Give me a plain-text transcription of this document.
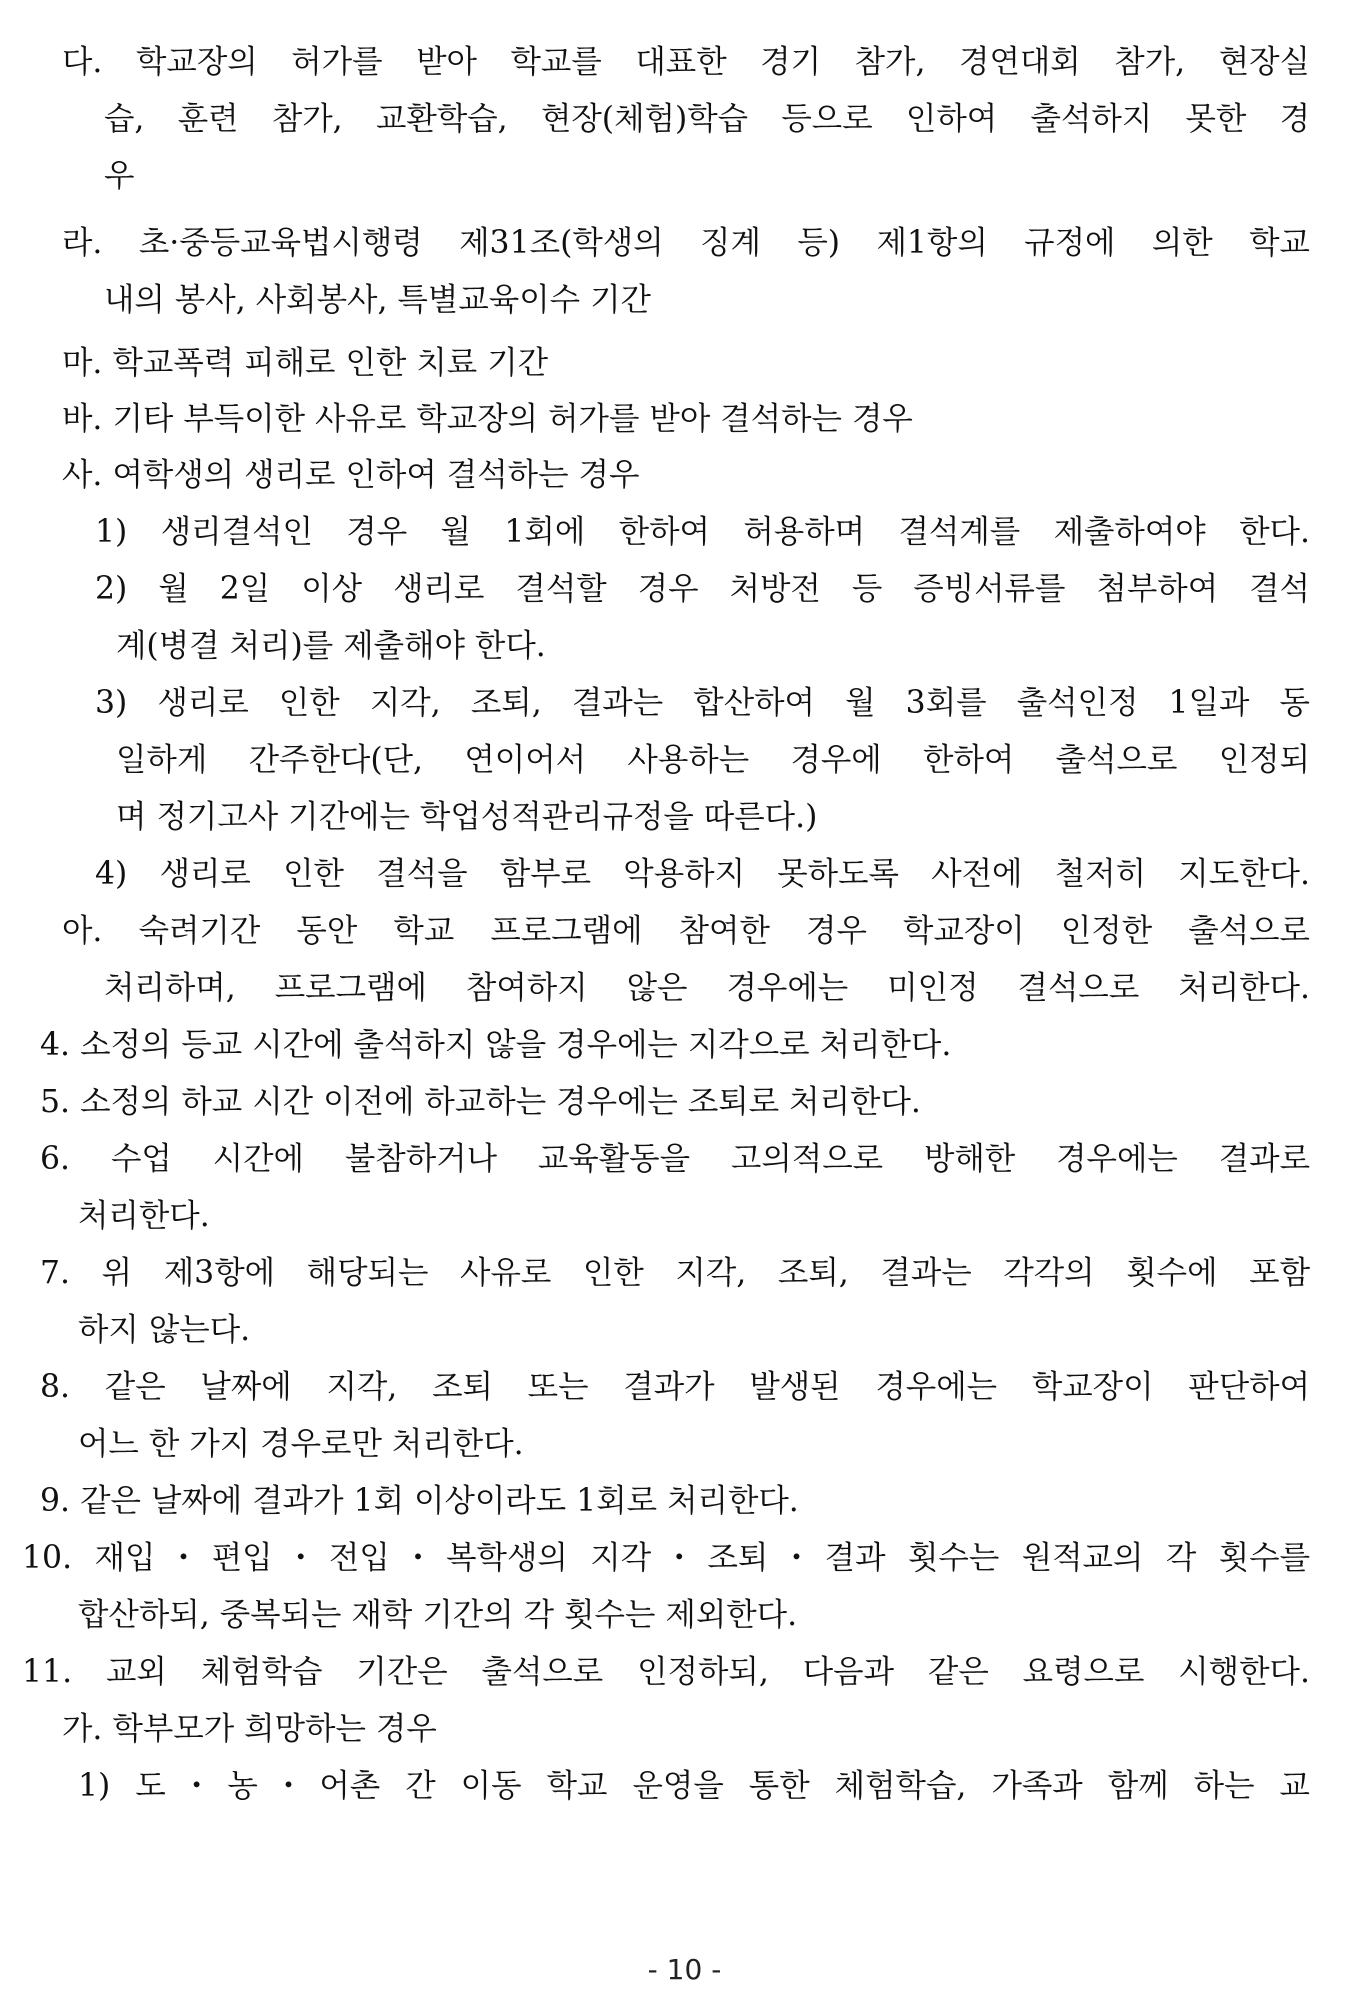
다. 학교장의 허가를 받아 학교를 대표한 경기 참가, 경연대회 참가, 현장실
습, 훈련 참가, 교환학습, 현장(체험)학습 등으로 인하여 출석하지 못한 경
우
라. 초·중등교육법시행령 제31조(학생의 징계 등) 제1항의 규정에 의한 학교
내의 봉사, 사회봉사, 특별교육이수 기간
마. 학교폭력 피해로 인한 치료 기간
바. 기타 부득이한 사유로 학교장의 허가를 받아 결석하는 경우
사. 여학생의 생리로 인하여 결석하는 경우
1) 생리결석인 경우 월 1회에 한하여 허용하며 결석계를 제출하여야 한다.
2) 월 2일 이상 생리로 결석할 경우 처방전 등 증빙서류를 첨부하여 결석
계(병결 처리)를 제출해야 한다.
3) 생리로 인한 지각, 조퇴, 결과는 합산하여 월 3회를 출석인정 1일과 동
일하게 간주한다(단, 연이어서 사용하는 경우에 한하여 출석으로 인정되
며 정기고사 기간에는 학업성적관리규정을 따른다.)
4) 생리로 인한 결석을 함부로 악용하지 못하도록 사전에 철저히 지도한다.
아. 숙려기간 동안 학교 프로그램에 참여한 경우 학교장이 인정한 출석으로
처리하며, 프로그램에 참여하지 않은 경우에는 미인정 결석으로 처리한다.
4. 소정의 등교 시간에 출석하지 않을 경우에는 지각으로 처리한다.
5. 소정의 하교 시간 이전에 하교하는 경우에는 조퇴로 처리한다.
6. 수업 시간에 불참하거나 교육활동을 고의적으로 방해한 경우에는 결과로
처리한다.
7. 위 제3항에 해당되는 사유로 인한 지각, 조퇴, 결과는 각각의 횟수에 포함
하지 않는다.
8. 같은 날짜에 지각, 조퇴 또는 결과가 발생된 경우에는 학교장이 판단하여
어느 한 가지 경우로만 처리한다.
9. 같은 날짜에 결과가 1회 이상이라도 1회로 처리한다.
10. 재입・편입・전입・복학생의 지각・조퇴・결과 횟수는 원적교의 각 횟수를
합산하되, 중복되는 재학 기간의 각 횟수는 제외한다.
11. 교외 체험학습 기간은 출석으로 인정하되, 다음과 같은 요령으로 시행한다.
가. 학부모가 희망하는 경우
1) 도・농・어촌 간 이동 학교 운영을 통한 체험학습, 가족과 함께 하는 교
- 10 -
